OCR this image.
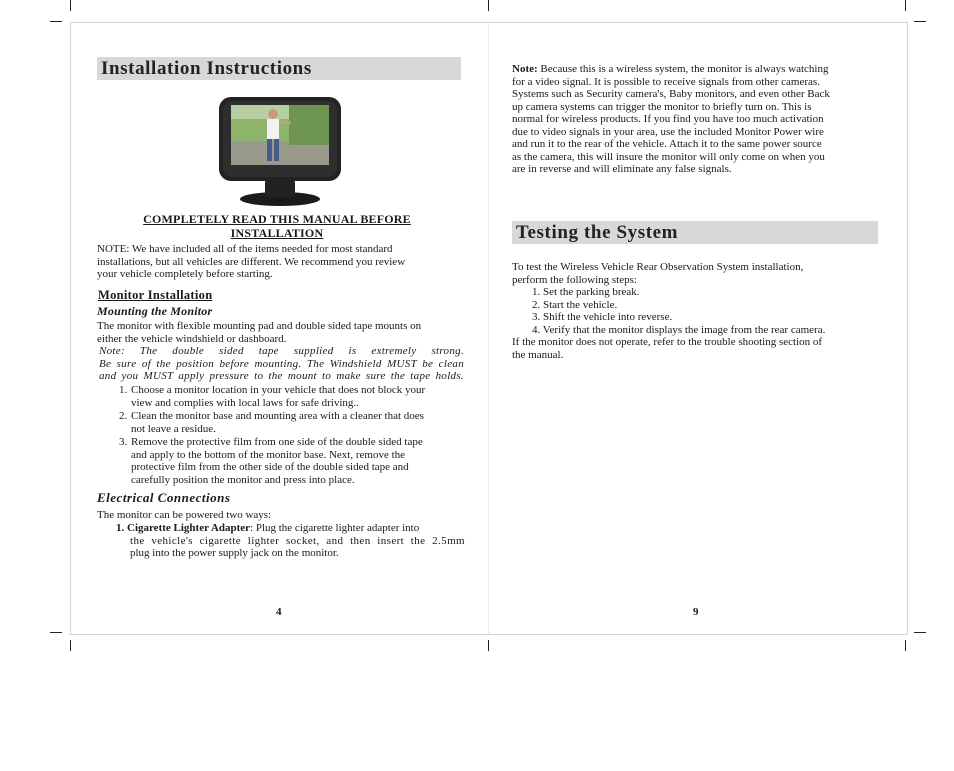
Installation Instructions
COMPLETELY READ THIS MANUAL BEFORE
INSTALLATION
NOTE: We have included all of the items needed for most standard
installations, but all vehicles are different. We recommend you review
your vehicle completely before starting.
Monitor Installation
Mounting the Monitor
The monitor with flexible mounting pad and double sided tape mounts on
either the vehicle windshield or dashboard.
Note: The double sided tape supplied is extremely strong.
Be sure of the position before mounting. The Windshield MUST be clean
and you MUST apply pressure to the mount to make sure the tape holds.
1. Choose a monitor location in your vehicle that does not block your
view and complies with local laws for safe driving..
2. Clean the monitor base and mounting area with a cleaner that does
not leave a residue.
3. Remove the protective film from one side of the double sided tape
and apply to the bottom of the monitor base. Next, remove the
protective film from the other side of the double sided tape and
carefully position the monitor and press into place.
Electrical Connections
The monitor can be powered two ways:
1. Cigarette Lighter Adapter: Plug the cigarette lighter adapter into
the vehicle's cigarette lighter socket, and then insert the 2.5mm
plug into the power supply jack on the monitor.
4
Note: Because this is a wireless system, the monitor is always watching
for a video signal. It is possible to receive signals from other cameras.
Systems such as Security camera's, Baby monitors, and even other Back
up camera systems can trigger the monitor to briefly turn on. This is
normal for wireless products. If you find you have too much activation
due to video signals in your area, use the included Monitor Power wire
and run it to the rear of the vehicle. Attach it to the same power source
as the camera, this will insure the monitor will only come on when you
are in reverse and will eliminate any false signals.
Testing the System
To test the Wireless Vehicle Rear Observation System installation,
perform the following steps:
1. Set the parking break.
2. Start the vehicle.
3. Shift the vehicle into reverse.
4. Verify that the monitor displays the image from the rear camera.
If the monitor does not operate, refer to the trouble shooting section of
the manual.
9
